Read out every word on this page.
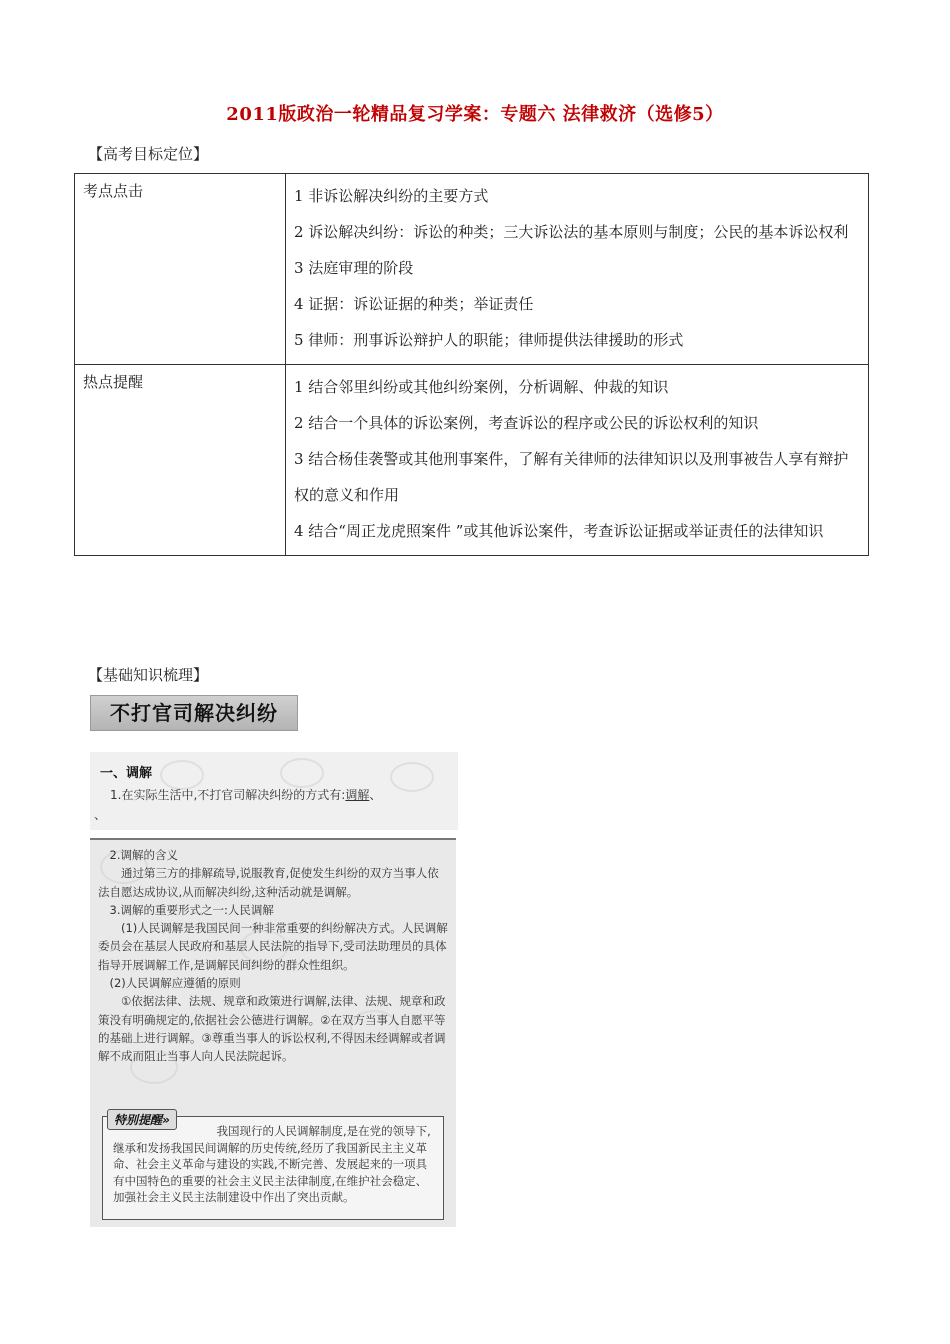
2011版政治一轮精品复习学案：专题六 法律救济（选修5）
【高考目标定位】
考点点击	1 非诉讼解决纠纷的主要方式
2 诉讼解决纠纷：诉讼的种类；三大诉讼法的基本原则与制度；公民的基本诉讼权利
3 法庭审理的阶段
4 证据：诉讼证据的种类；举证责任
5 律师：刑事诉讼辩护人的职能；律师提供法律援助的形式

热点提醒	1 结合邻里纠纷或其他纠纷案例，分析调解、仲裁的知识
2 结合一个具体的诉讼案例，考查诉讼的程序或公民的诉讼权利的知识
3 结合杨佳袭警或其他刑事案件，了解有关律师的法律知识以及刑事被告人享有辩护权的意义和作用
4 结合“周正龙虎照案件 ”或其他诉讼案件，考查诉讼证据或举证责任的法律知识
【基础知识梳理】
不打官司解决纠纷
一、调解
1.在实际生活中,不打官司解决纠纷的方式有:调解、
、

2.调解的含义

通过第三方的排解疏导,说服教育,促使发生纠纷的双方当事人依法自愿达成协议,从而解决纠纷,这种活动就是调解。

3.调解的重要形式之一:人民调解

(1)人民调解是我国民间一种非常重要的纠纷解决方式。人民调解委员会在基层人民政府和基层人民法院的指导下,受司法助理员的具体指导开展调解工作,是调解民间纠纷的群众性组织。

(2)人民调解应遵循的原则

①依据法律、法规、规章和政策进行调解,法律、法规、规章和政策没有明确规定的,依据社会公德进行调解。②在双方当事人自愿平等的基础上进行调解。③尊重当事人的诉讼权利,不得因未经调解或者调解不成而阻止当事人向人民法院起诉。

特别提醒»
我国现行的人民调解制度,是在党的领导下,继承和发扬我国民间调解的历史传统,经历了我国新民主主义革命、社会主义革命与建设的实践,不断完善、发展起来的一项具有中国特色的重要的社会主义民主法律制度,在维护社会稳定、加强社会主义民主法制建设中作出了突出贡献。
